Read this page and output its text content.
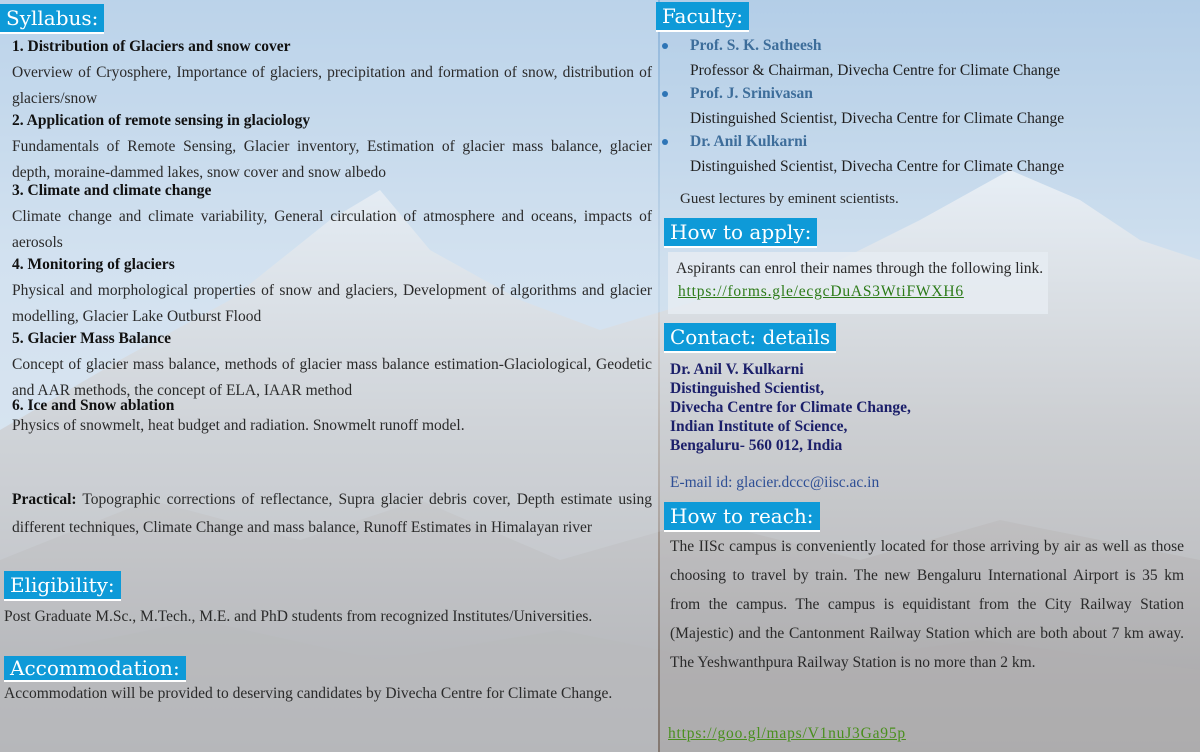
Syllabus:
1. Distribution of Glaciers and snow cover
Overview of Cryosphere, Importance of glaciers, precipitation and formation of snow, distribution of glaciers/snow
2. Application of remote sensing in glaciology
Fundamentals of Remote Sensing, Glacier inventory, Estimation of glacier mass balance, glacier depth, moraine-dammed lakes, snow cover and snow albedo
3. Climate and climate change
Climate change and climate variability, General circulation of atmosphere and oceans, impacts of aerosols
4. Monitoring of glaciers
Physical and morphological properties of snow and glaciers, Development of algorithms and glacier modelling, Glacier Lake Outburst Flood
5. Glacier Mass Balance
Concept of glacier mass balance, methods of glacier mass balance estimation-Glaciological, Geodetic and AAR methods, the concept of ELA, IAAR method
6. Ice and Snow ablation
Physics of snowmelt, heat budget and radiation. Snowmelt runoff model.
Practical: Topographic corrections of reflectance, Supra glacier debris cover, Depth estimate using different techniques, Climate Change and mass balance, Runoff Estimates in Himalayan river
Eligibility:
Post Graduate M.Sc., M.Tech., M.E. and PhD students from recognized Institutes/Universities.
Accommodation:
Accommodation will be provided to deserving candidates by Divecha Centre for Climate Change.
Faculty:
Prof. S. K. Satheesh
Professor & Chairman, Divecha Centre for Climate Change
Prof. J. Srinivasan
Distinguished Scientist, Divecha Centre for Climate Change
Dr. Anil Kulkarni
Distinguished Scientist, Divecha Centre for Climate Change
Guest lectures by eminent scientists.
How to apply:
Aspirants can enrol their names through the following link.
https://forms.gle/ecgcDuAS3WtiFWXH6
Contact: details
Dr. Anil V. Kulkarni
Distinguished Scientist,
Divecha Centre for Climate Change,
Indian Institute of Science,
Bengaluru- 560 012, India
E-mail id: glacier.dccc@iisc.ac.in
How to reach:
The IISc campus is conveniently located for those arriving by air as well as those choosing to travel by train. The new Bengaluru International Airport is 35 km from the campus. The campus is equidistant from the City Railway Station (Majestic) and the Cantonment Railway Station which are both about 7 km away. The Yeshwanthpura Railway Station is no more than 2 km.
https://goo.gl/maps/V1nuJ3Ga95p
